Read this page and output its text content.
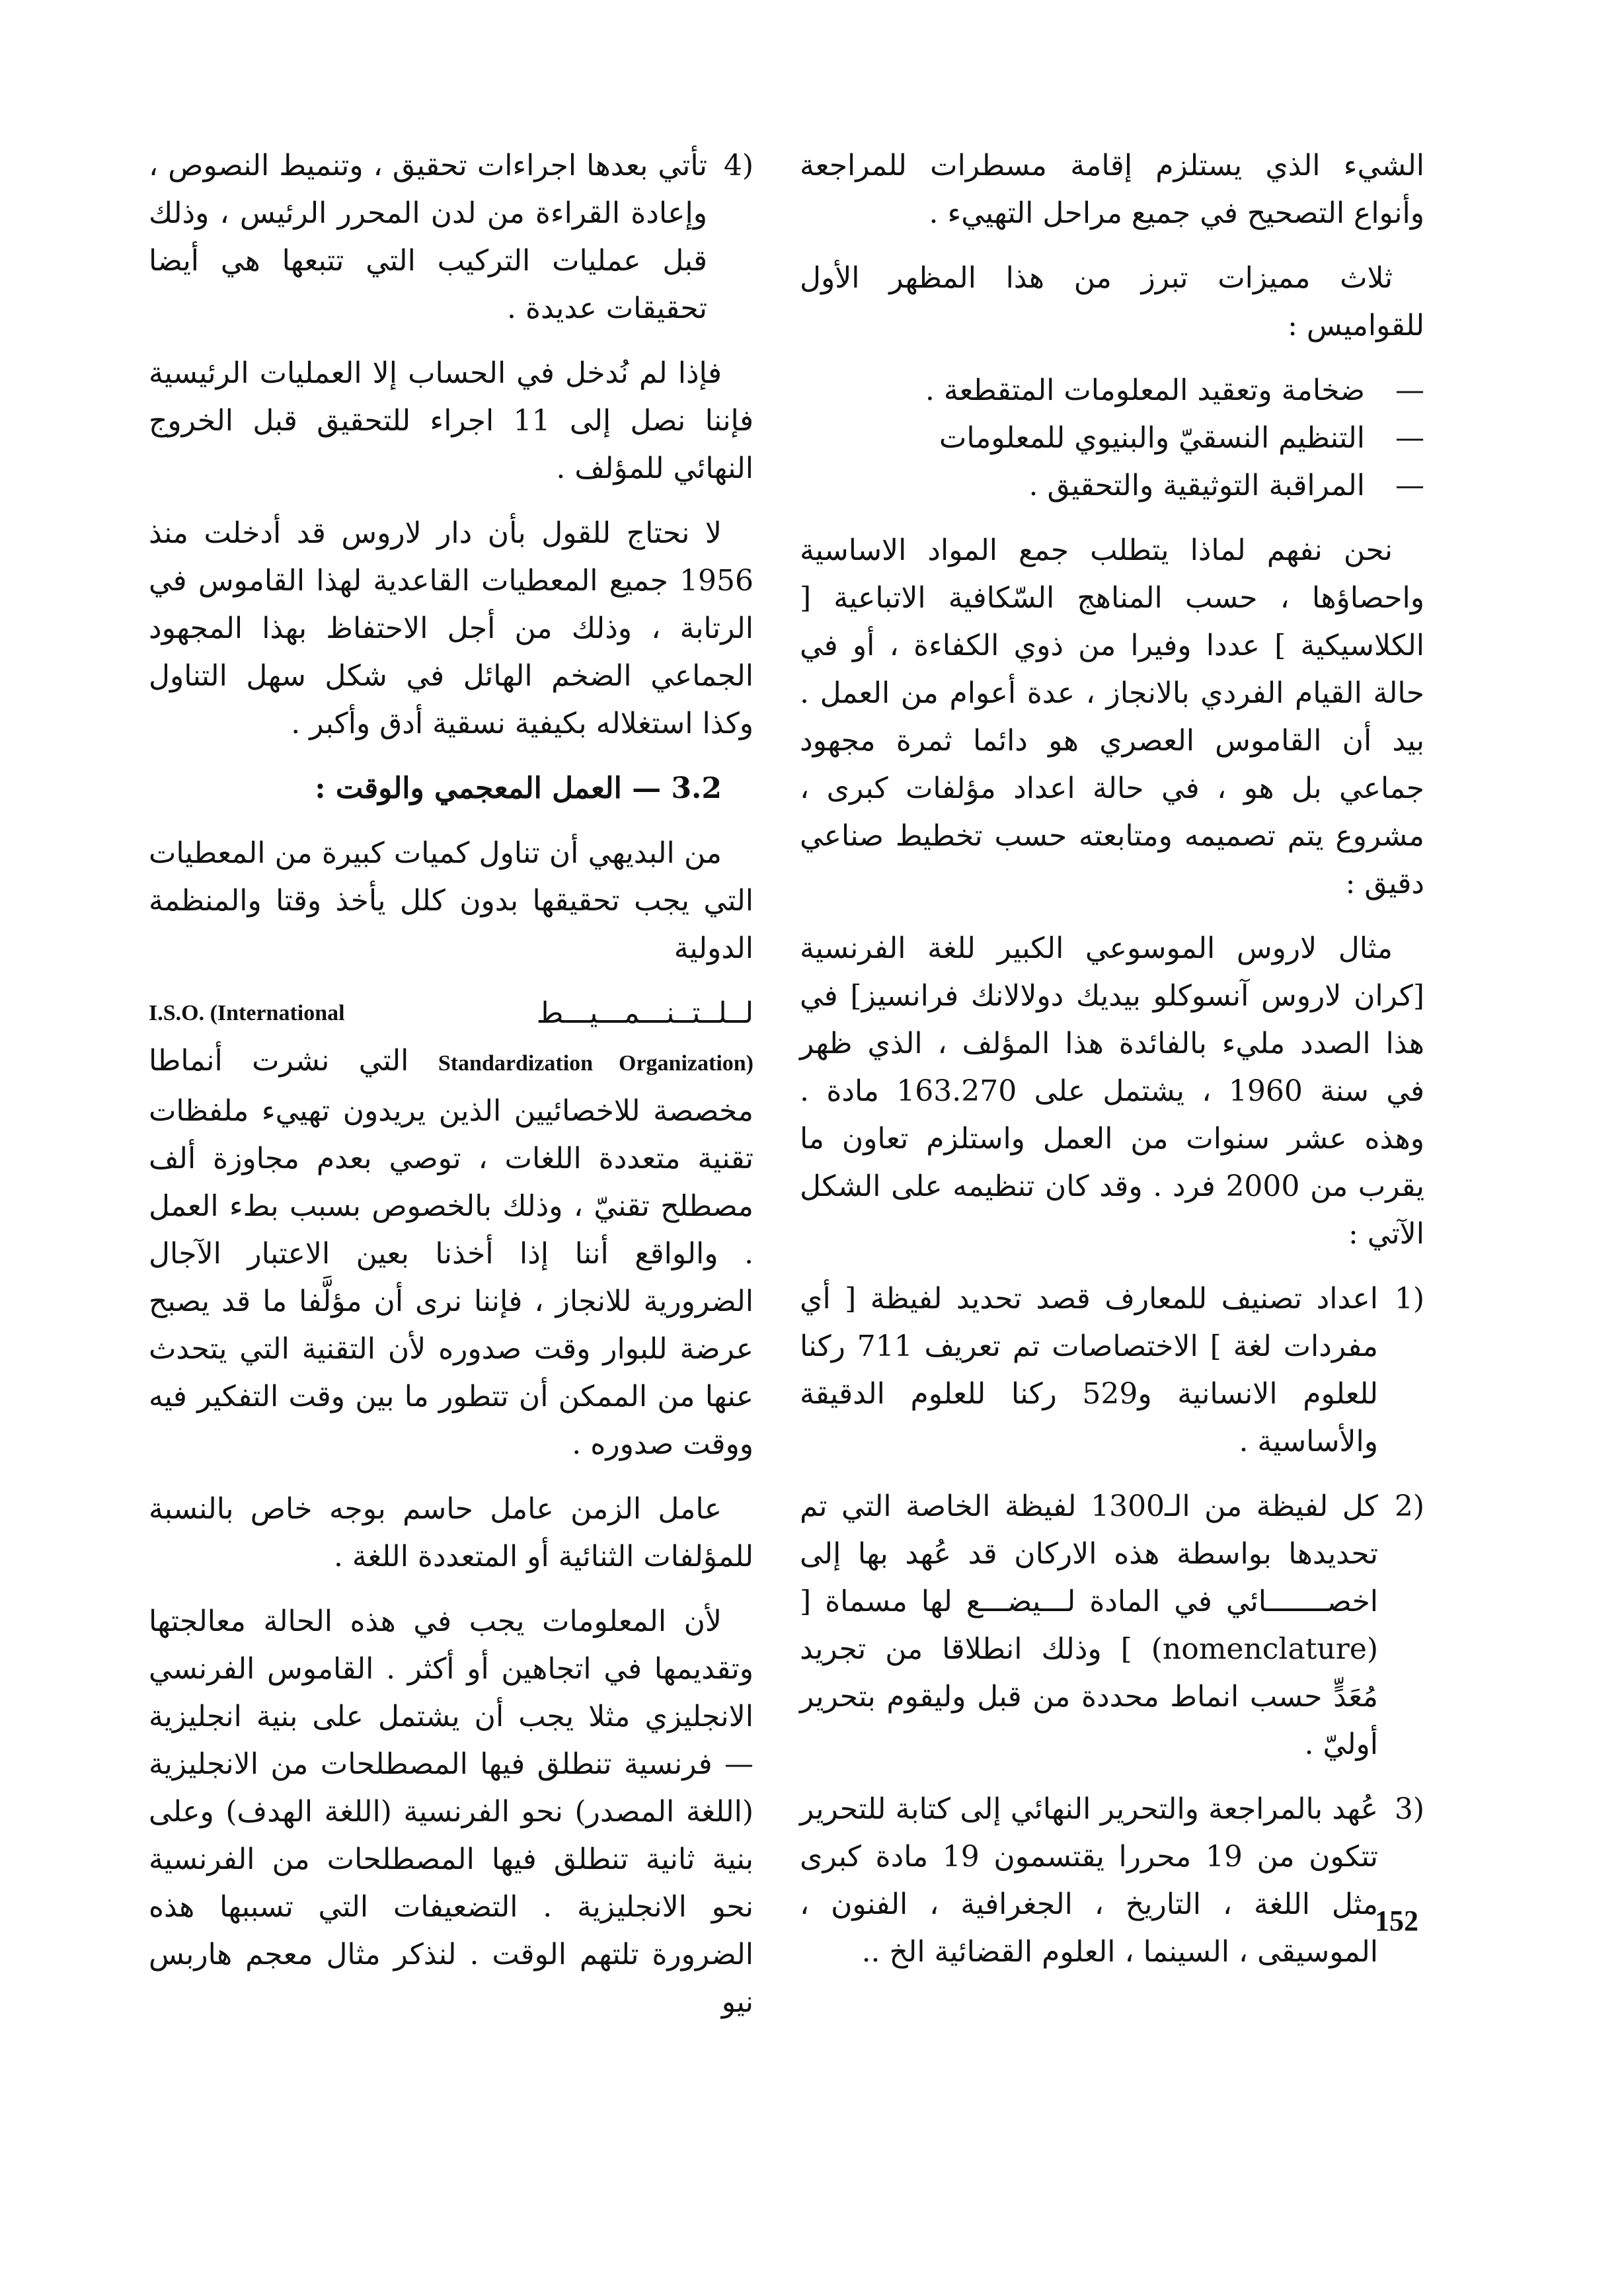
الشيء الذي يستلزم إقامة مسطرات للمراجعة وأنواع التصحيح في جميع مراحل التهييء .

ثلاث مميزات تبرز من هذا المظهر الأول للقواميس :

—
ضخامة وتعقيد المعلومات المتقطعة .
—
التنظيم النسقيّ والبنيوي للمعلومات
—
المراقبة التوثيقية والتحقيق .

نحن نفهم لماذا يتطلب جمع المواد الاساسية واحصاؤها ، حسب المناهج السّكافية الاتباعية [ الكلاسيكية ] عددا وفيرا من ذوي الكفاءة ، أو في حالة القيام الفردي بالانجاز ، عدة أعوام من العمل . بيد أن القاموس العصري هو دائما ثمرة مجهود جماعي بل هو ، في حالة اعداد مؤلفات كبرى ، مشروع يتم تصميمه ومتابعته حسب تخطيط صناعي دقيق :

مثال لاروس الموسوعي الكبير للغة الفرنسية [كران لاروس آنسوكلو بيديك دولالانك فرانسيز] في هذا الصدد مليء بالفائدة هذا المؤلف ، الذي ظهر في سنة 1960 ، يشتمل على 163.270 مادة . وهذه عشر سنوات من العمل واستلزم تعاون ما يقرب من 2000 فرد . وقد كان تنظيمه على الشكل الآتي :

1)
اعداد تصنيف للمعارف قصد تحديد لفيظة [ أي مفردات لغة ] الاختصاصات تم تعريف 711 ركنا للعلوم الانسانية و529 ركنا للعلوم الدقيقة والأساسية .
2)
كل لفيظة من الـ1300 لفيظة الخاصة التي تم تحديدها بواسطة هذه الاركان قد عُهد بها إلى اخصـــــــائي في المادة لـــيضـــع لها مسماة [ (nomenclature) ] وذلك انطلاقا من تجريد مُعَدٍّ حسب انماط محددة من قبل وليقوم بتحرير أوليّ .
3)
عُهد بالمراجعة والتحرير النهائي إلى كتابة للتحرير تتكون من 19 محررا يقتسمون 19 مادة كبرى مثل اللغة ، التاريخ ، الجغرافية ، الفنون ، الموسيقى ، السينما ، العلوم القضائية الخ ..
4)
تأتي بعدها اجراءات تحقيق ، وتنميط النصوص ، وإعادة القراءة من لدن المحرر الرئيس ، وذلك قبل عمليات التركيب التي تتبعها هي أيضا تحقيقات عديدة .

فإذا لم نُدخل في الحساب إلا العمليات الرئيسية فإننا نصل إلى 11 اجراء للتحقيق قبل الخروج النهائي للمؤلف .

لا نحتاج للقول بأن دار لاروس قد أدخلت منذ 1956 جميع المعطيات القاعدية لهذا القاموس في الرتابة ، وذلك من أجل الاحتفاظ بهذا المجهود الجماعي الضخم الهائل في شكل سهل التناول وكذا استغلاله بكيفية نسقية أدق وأكبر .

3.2 — العمل المعجمي والوقت :

من البديهي أن تناول كميات كبيرة من المعطيات التي يجب تحقيقها بدون كلل يأخذ وقتا والمنظمة الدولية

لــلــتــنـــمـــيـــط
I.S.O. (International

Standardization Organization) التي نشرت أنماطا مخصصة للاخصائيين الذين يريدون تهييء ملفظات تقنية متعددة اللغات ، توصي بعدم مجاوزة ألف مصطلح تقنيّ ، وذلك بالخصوص بسبب بطء العمل . والواقع أننا إذا أخذنا بعين الاعتبار الآجال الضرورية للانجاز ، فإننا نرى أن مؤلَّفا ما قد يصبح عرضة للبوار وقت صدوره لأن التقنية التي يتحدث عنها من الممكن أن تتطور ما بين وقت التفكير فيه ووقت صدوره .

عامل الزمن عامل حاسم بوجه خاص بالنسبة للمؤلفات الثنائية أو المتعددة اللغة .

لأن المعلومات يجب في هذه الحالة معالجتها وتقديمها في اتجاهين أو أكثر . القاموس الفرنسي الانجليزي مثلا يجب أن يشتمل على بنية انجليزية — فرنسية تنطلق فيها المصطلحات من الانجليزية (اللغة المصدر) نحو الفرنسية (اللغة الهدف) وعلى بنية ثانية تنطلق فيها المصطلحات من الفرنسية نحو الانجليزية . التضعيفات التي تسببها هذه الضرورة تلتهم الوقت . لنذكر مثال معجم هاربس نيو

152
